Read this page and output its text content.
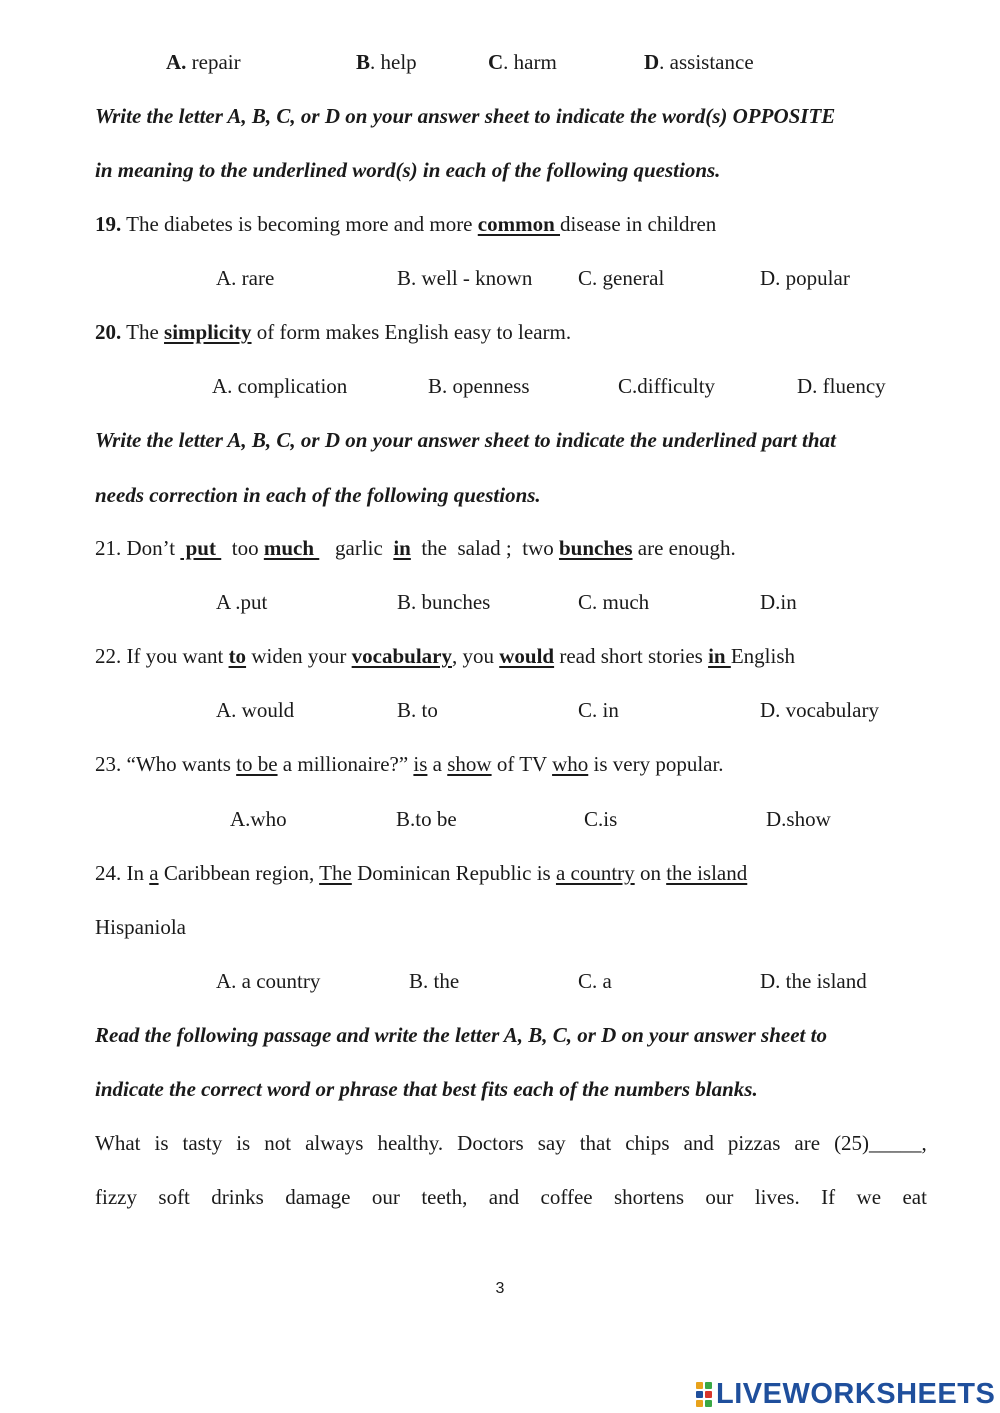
A. repair	B. help	C. harm	D. assistance
Write the letter A, B, C, or D on your answer sheet to indicate the word(s) OPPOSITE
in meaning to the underlined word(s) in each of the following questions.
19. The diabetes is becoming more and more common disease in children
A. rare	B. well - known C. general	D. popular
20. The simplicity of form makes English easy to learm.
A. complication	B. openness	C.difficulty	D. fluency
Write the letter A, B, C, or D on your answer sheet to indicate the underlined part that
needs correction in each of the following questions.
21. Don’t  put   too much    garlic  in  the  salad ;  two bunches are enough.
A .put	B. bunches	C. much	D.in
22. If you want to widen your vocabulary, you would read short stories in English
A. would	B. to	C. in	D. vocabulary
23. “Who wants to be a millionaire?” is a show of TV who is very popular.
A.who	B.to be	C.is	D.show
24. In a Caribbean region, The Dominican Republic is a country on the island
Hispaniola
A. a country	B. the	C. a	D. the island
Read the following passage and write the letter A, B, C, or D on your answer sheet to
indicate the correct word or phrase that best fits each of the numbers blanks.
What is tasty is not always healthy. Doctors say that chips and pizzas are (25)_____,
fizzy soft drinks damage our teeth, and coffee shortens our lives. If we eat
3
LIVEWORKSHEETS
